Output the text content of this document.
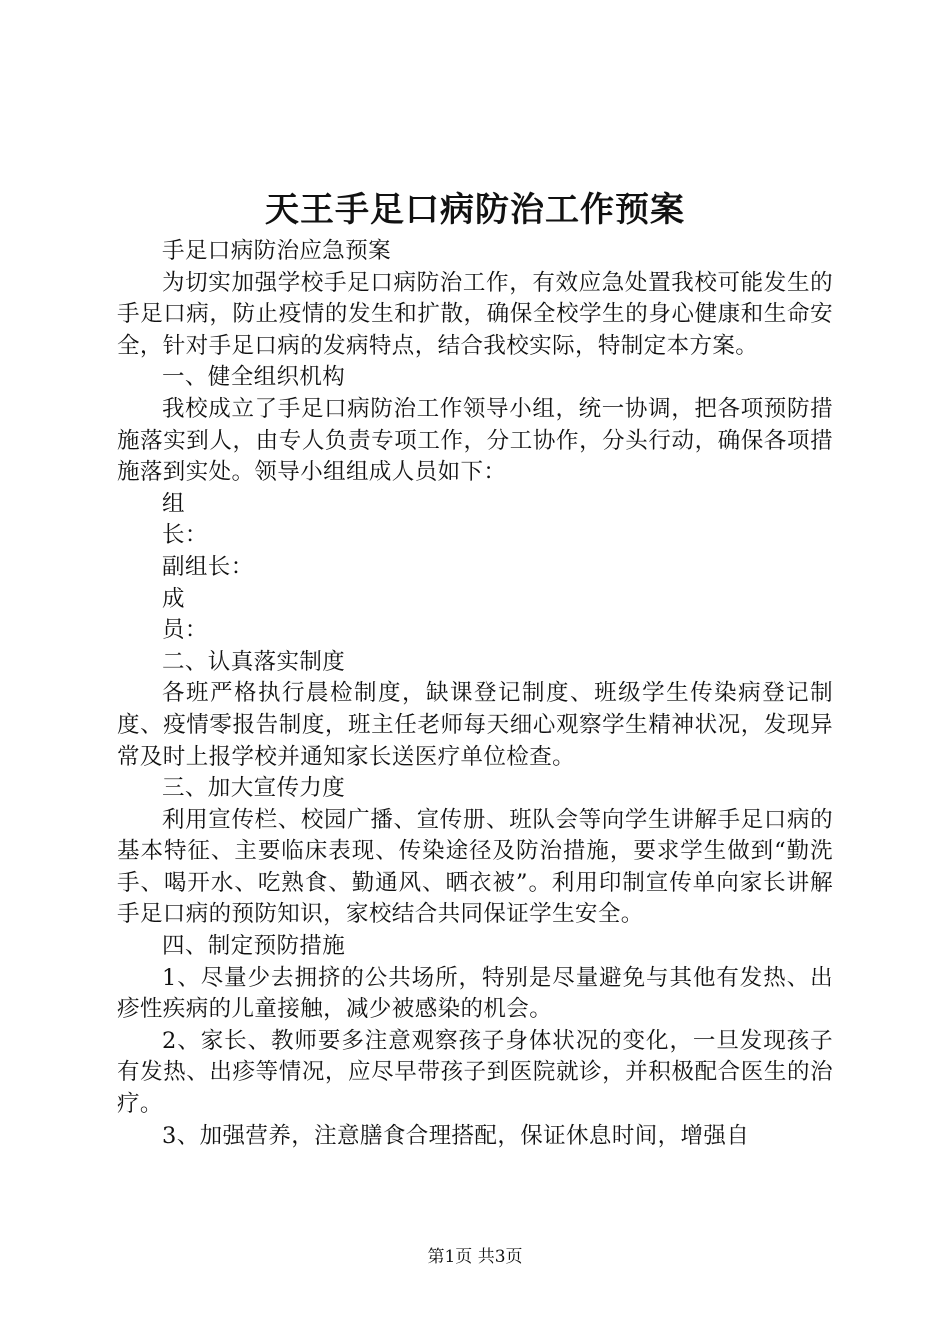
天王手足口病防治工作预案

手足口病防治应急预案

为切实加强学校手足口病防治工作，有效应急处置我校可能发生的手足口病，防止疫情的发生和扩散，确保全校学生的身心健康和生命安全，针对手足口病的发病特点，结合我校实际，特制定本方案。

一、健全组织机构

我校成立了手足口病防治工作领导小组，统一协调，把各项预防措施落实到人，由专人负责专项工作，分工协作，分头行动，确保各项措施落到实处。领导小组组成人员如下：

组长：

副组长：

成员：

二、认真落实制度

各班严格执行晨检制度，缺课登记制度、班级学生传染病登记制度、疫情零报告制度，班主任老师每天细心观察学生精神状况，发现异常及时上报学校并通知家长送医疗单位检查。

三、加大宣传力度

利用宣传栏、校园广播、宣传册、班队会等向学生讲解手足口病的基本特征、主要临床表现、传染途径及防治措施，要求学生做到“勤洗手、喝开水、吃熟食、勤通风、晒衣被”。利用印制宣传单向家长讲解手足口病的预防知识，家校结合共同保证学生安全。

四、制定预防措施

1、尽量少去拥挤的公共场所，特别是尽量避免与其他有发热、出疹性疾病的儿童接触，减少被感染的机会。

2、家长、教师要多注意观察孩子身体状况的变化，一旦发现孩子有发热、出疹等情况，应尽早带孩子到医院就诊，并积极配合医生的治疗。

3、加强营养，注意膳食合理搭配，保证休息时间，增强自

第1页 共3页
